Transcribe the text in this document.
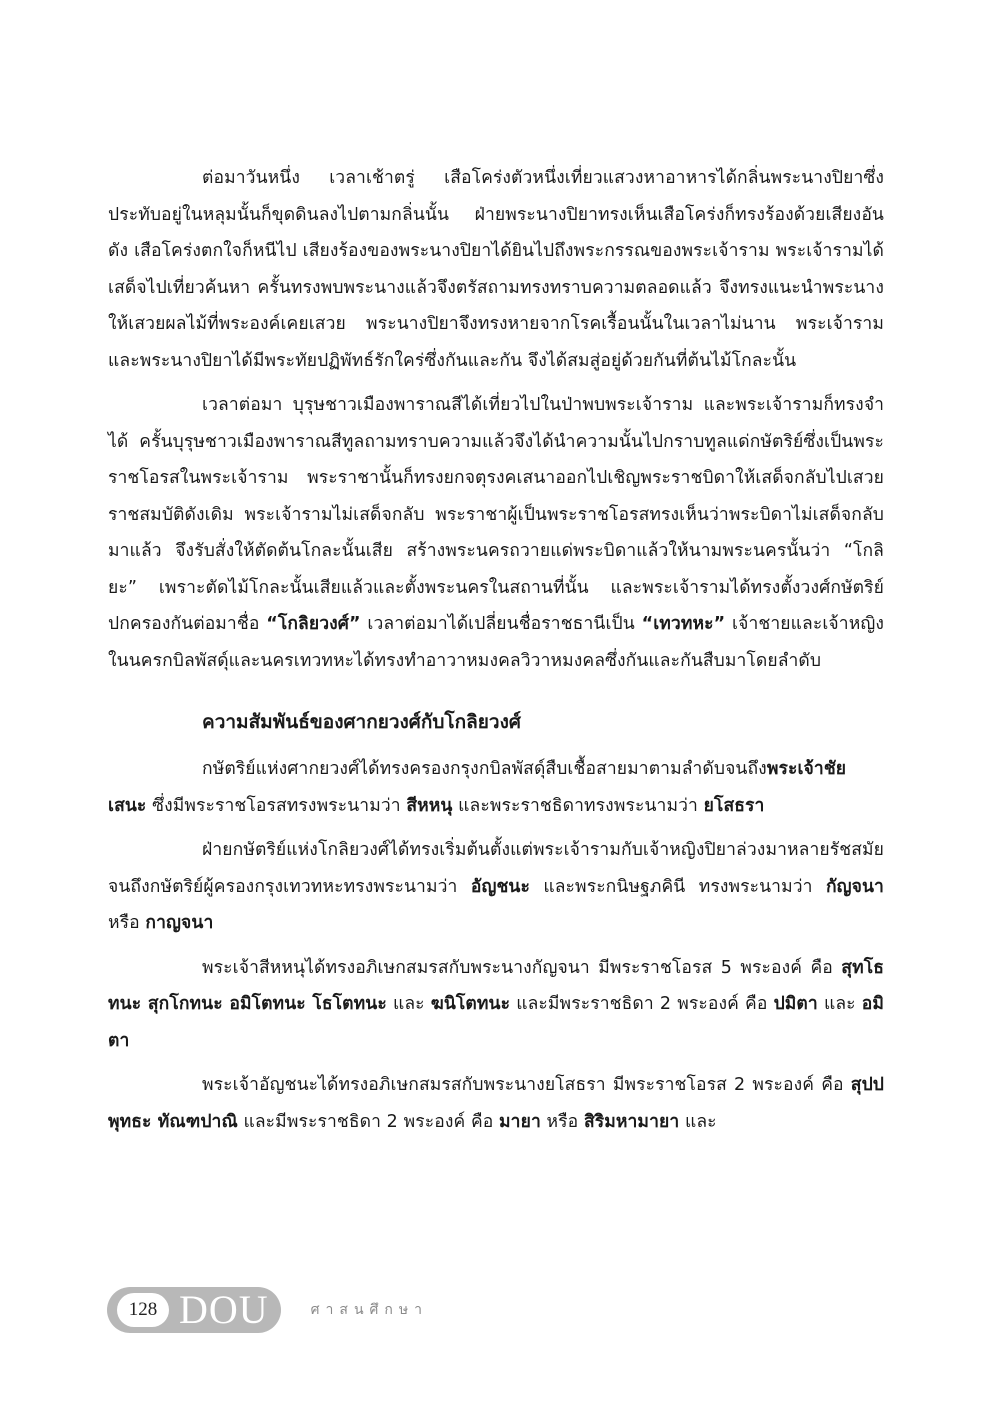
ต่อมาวันหนึ่ง เวลาเช้าตรู่ เสือโคร่งตัวหนึ่งเที่ยวแสวงหาอาหารได้กลิ่นพระนางปิยาซึ่งประทับอยู่ในหลุมนั้นก็ขุดดินลงไปตามกลิ่นนั้น ฝ่ายพระนางปิยาทรงเห็นเสือโคร่งก็ทรงร้องด้วยเสียงอันดัง เสือโคร่งตกใจก็หนีไป เสียงร้องของพระนางปิยาได้ยินไปถึงพระกรรณของพระเจ้าราม พระเจ้ารามได้เสด็จไปเที่ยวค้นหา ครั้นทรงพบพระนางแล้วจึงตรัสถามทรงทราบความตลอดแล้ว จึงทรงแนะนำพระนางให้เสวยผลไม้ที่พระองค์เคยเสวย พระนางปิยาจึงทรงหายจากโรคเรื้อนนั้นในเวลาไม่นาน พระเจ้ารามและพระนางปิยาได้มีพระทัยปฏิพัทธ์รักใคร่ซึ่งกันและกัน จึงได้สมสู่อยู่ด้วยกันที่ต้นไม้โกละนั้น

เวลาต่อมา บุรุษชาวเมืองพาราณสีได้เที่ยวไปในป่าพบพระเจ้าราม และพระเจ้ารามก็ทรงจำได้ ครั้นบุรุษชาวเมืองพาราณสีทูลถามทราบความแล้วจึงได้นำความนั้นไปกราบทูลแด่กษัตริย์ซึ่งเป็นพระราชโอรสในพระเจ้าราม พระราชานั้นก็ทรงยกจตุรงคเสนาออกไปเชิญพระราชบิดาให้เสด็จกลับไปเสวยราชสมบัติดังเดิม พระเจ้ารามไม่เสด็จกลับ พระราชาผู้เป็นพระราชโอรสทรงเห็นว่าพระบิดาไม่เสด็จกลับมาแล้ว จึงรับสั่งให้ตัดต้นโกละนั้นเสีย สร้างพระนครถวายแด่พระบิดาแล้วให้นามพระนครนั้นว่า “โกลิยะ” เพราะตัดไม้โกละนั้นเสียแล้วและตั้งพระนครในสถานที่นั้น และพระเจ้ารามได้ทรงตั้งวงศ์กษัตริย์ปกครองกันต่อมาชื่อ “โกลิยวงศ์” เวลาต่อมาได้เปลี่ยนชื่อราชธานีเป็น “เทวทหะ” เจ้าชายและเจ้าหญิงในนครกบิลพัสดุ์และนครเทวทหะได้ทรงทำอาวาหมงคลวิวาหมงคลซึ่งกันและกันสืบมาโดยลำดับ

ความสัมพันธ์ของศากยวงศ์กับโกลิยวงศ์

กษัตริย์แห่งศากยวงศ์ได้ทรงครองกรุงกบิลพัสดุ์สืบเชื้อสายมาตามลำดับจนถึงพระเจ้าชัยเสนะ ซึ่งมีพระราชโอรสทรงพระนามว่า สีหหนุ และพระราชธิดาทรงพระนามว่า ยโสธรา

ฝ่ายกษัตริย์แห่งโกลิยวงศ์ได้ทรงเริ่มต้นตั้งแต่พระเจ้ารามกับเจ้าหญิงปิยาล่วงมาหลายรัชสมัยจนถึงกษัตริย์ผู้ครองกรุงเทวทหะทรงพระนามว่า อัญชนะ และพระกนิษฐภคินี ทรงพระนามว่า กัญจนา หรือ กาญจนา

พระเจ้าสีหหนุได้ทรงอภิเษกสมรสกับพระนางกัญจนา มีพระราชโอรส 5 พระองค์ คือ สุทโธทนะ สุกโกทนะ อมิโตทนะ โธโตทนะ และ ฆนิโตทนะ และมีพระราชธิดา 2 พระองค์ คือ ปมิตา และ อมิตา

พระเจ้าอัญชนะได้ทรงอภิเษกสมรสกับพระนางยโสธรา มีพระราชโอรส 2 พระองค์ คือ สุปปพุทธะ ทัณฑปาณิ และมีพระราชธิดา 2 พระองค์ คือ มายา หรือ สิริมหามายา และ

128 DOU	ศาสนศึกษา
